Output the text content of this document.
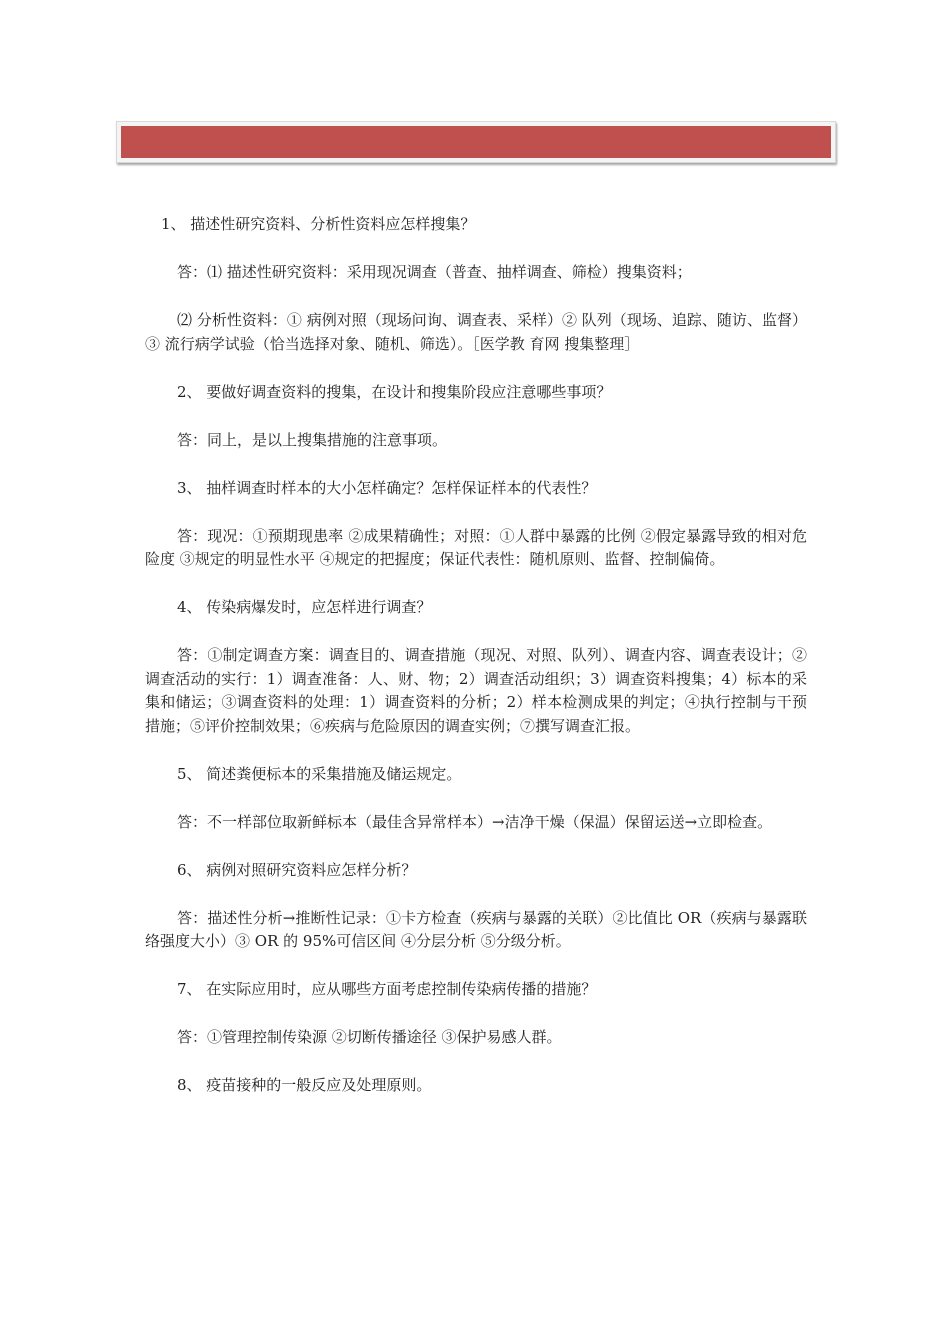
1、 描述性研究资料、分析性资料应怎样搜集？

答：⑴ 描述性研究资料：采用现况调查（普查、抽样调查、筛检）搜集资料；

⑵ 分析性资料：① 病例对照（现场问询、调查表、采样）② 队列（现场、追踪、随访、监督）③ 流行病学试验（恰当选择对象、随机、筛选）。［医学教 育网 搜集整理］

2、 要做好调查资料的搜集，在设计和搜集阶段应注意哪些事项？

答：同上，是以上搜集措施的注意事项。

3、 抽样调查时样本的大小怎样确定？怎样保证样本的代表性？

答：现况：①预期现患率 ②成果精确性；对照：①人群中暴露的比例 ②假定暴露导致的相对危险度 ③规定的明显性水平 ④规定的把握度；保证代表性：随机原则、监督、控制偏倚。

4、 传染病爆发时，应怎样进行调查？

答：①制定调查方案：调查目的、调查措施（现况、对照、队列）、调查内容、调查表设计；②调查活动的实行：1）调查准备：人、财、物；2）调查活动组织；3）调查资料搜集；4）标本的采集和储运；③调查资料的处理：1）调查资料的分析；2）样本检测成果的判定；④执行控制与干预措施；⑤评价控制效果；⑥疾病与危险原因的调查实例；⑦撰写调查汇报。

5、 简述粪便标本的采集措施及储运规定。

答：不一样部位取新鲜标本（最佳含异常样本）→洁净干燥（保温）保留运送→立即检查。

6、 病例对照研究资料应怎样分析？

答：描述性分析→推断性记录：①卡方检查（疾病与暴露的关联）②比值比 OR（疾病与暴露联络强度大小）③ OR 的 95%可信区间 ④分层分析 ⑤分级分析。

7、 在实际应用时，应从哪些方面考虑控制传染病传播的措施？

答：①管理控制传染源 ②切断传播途径 ③保护易感人群。

8、 疫苗接种的一般反应及处理原则。
